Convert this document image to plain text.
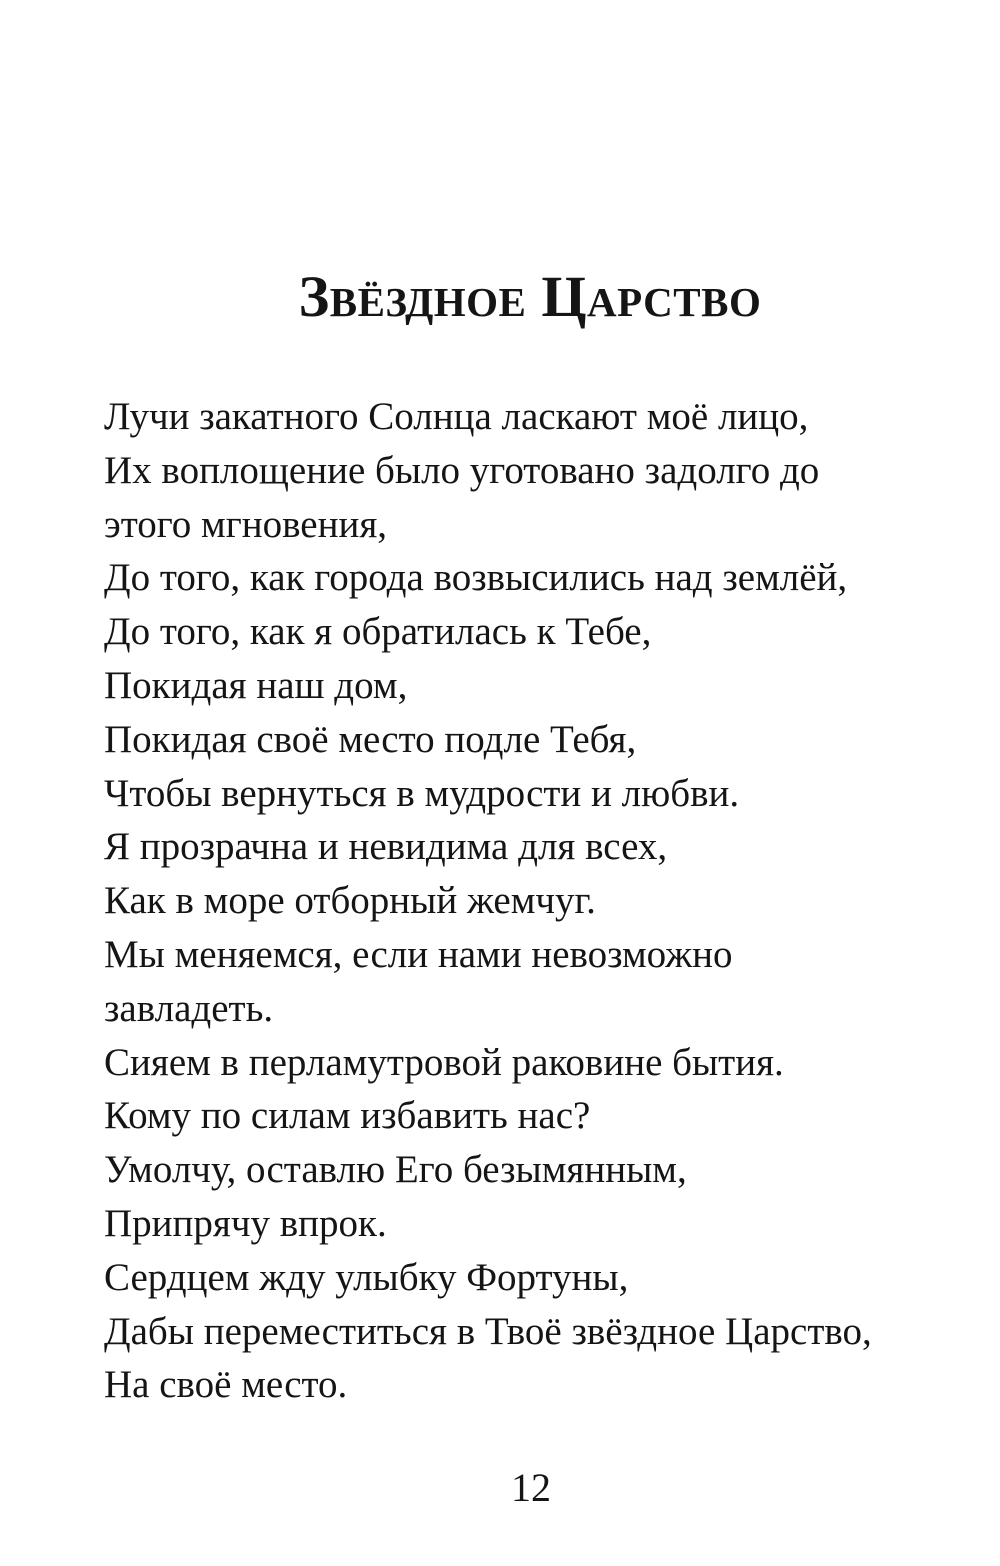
Звёздное Царство
Лучи закатного Солнца ласкают моё лицо,
Их воплощение было уготовано задолго до
этого мгновения,
До того, как города возвысились над землёй,
До того, как я обратилась к Тебе,
Покидая наш дом,
Покидая своё место подле Тебя,
Чтобы вернуться в мудрости и любви.
Я прозрачна и невидима для всех,
Как в море отборный жемчуг.
Мы меняемся, если нами невозможно
завладеть.
Сияем в перламутровой раковине бытия.
Кому по силам избавить нас?
Умолчу, оставлю Его безымянным,
Припрячу впрок.
Сердцем жду улыбку Фортуны,
Дабы переместиться в Твоё звёздное Царство,
На своё место.
12
